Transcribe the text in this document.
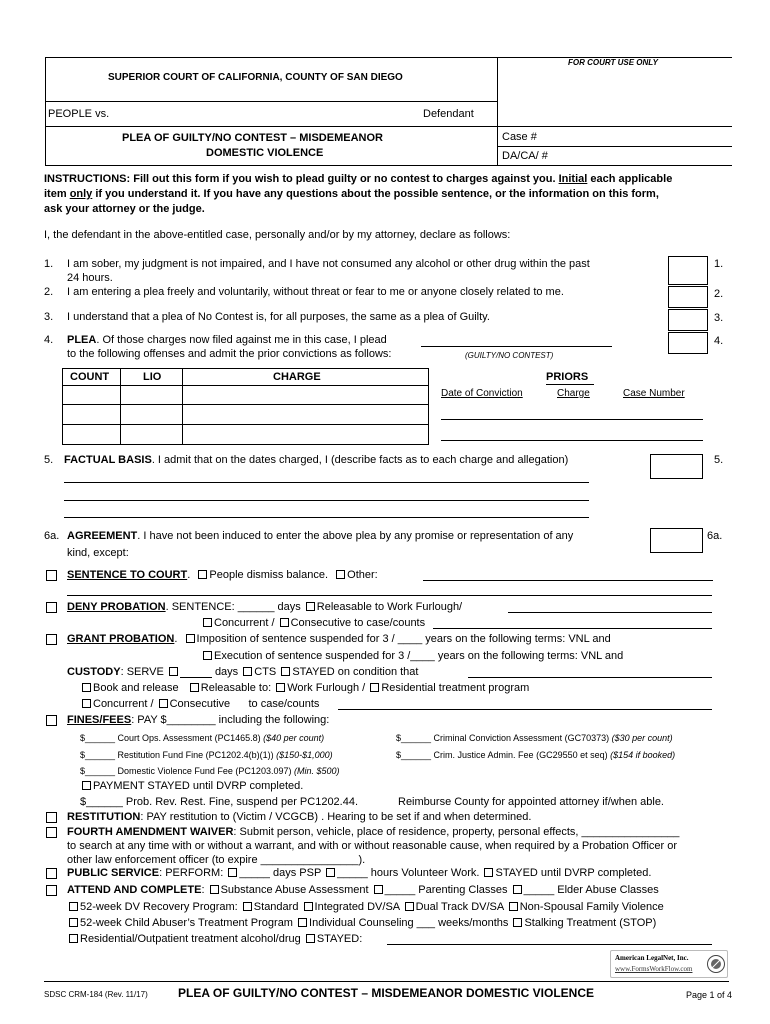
FOR COURT USE ONLY
SUPERIOR COURT OF CALIFORNIA, COUNTY OF SAN DIEGO
PEOPLE vs.	Defendant
PLEA OF GUILTY/NO CONTEST – MISDEMEANOR
DOMESTIC VIOLENCE
Case #
DA/CA/ #
INSTRUCTIONS: Fill out this form if you wish to plead guilty or no contest to charges against you. Initial each applicable
item only if you understand it. If you have any questions about the possible sentence, or the information on this form,
ask your attorney or the judge.
I, the defendant in the above-entitled case, personally and/or by my attorney, declare as follows:
1. I am sober, my judgment is not impaired, and I have not consumed any alcohol or other drug within the past
24 hours.
1.
2. I am entering a plea freely and voluntarily, without threat or fear to me or anyone closely related to me.	2.
3. I understand that a plea of No Contest is, for all purposes, the same as a plea of Guilty.	3.
4. PLEA. Of those charges now filed against me in this case, I plead
to the following offenses and admit the prior convictions as follows:	(GUILTY/NO CONTEST)
4.
COUNT	LIO	CHARGE	PRIORS
Date of Conviction	Charge	Case Number
5. FACTUAL BASIS. I admit that on the dates charged, I (describe facts as to each charge and allegation)	5.
6a. AGREEMENT. I have not been induced to enter the above plea by any promise or representation of any
kind, except:
6a.
SENTENCE TO COURT. People dismiss balance. Other:
DENY PROBATION. SENTENCE: ______ days Releasable to Work Furlough/
Concurrent / Consecutive to case/counts
GRANT PROBATION. Imposition of sentence suspended for 3 / ____ years on the following terms: VNL and
Execution of sentence suspended for 3 /____ years on the following terms: VNL and
CUSTODY: SERVE	days CTS STAYED on condition that
Book and release Releasable to: Work Furlough / Residential treatment program
Concurrent / Consecutive to case/counts
FINES/FEES: PAY $________ including the following:
$______ Court Ops. Assessment (PC1465.8) ($40 per count)
$______ Restitution Fund Fine (PC1202.4(b)(1)) ($150-$1,000)
$______ Domestic Violence Fund Fee (PC1203.097) (Min. $500)
$______ Criminal Conviction Assessment (GC70373) ($30 per count)
$______ Crim. Justice Admin. Fee (GC29550 et seq) ($154 if booked)
PAYMENT STAYED until DVRP completed.
$______ Prob. Rev. Rest. Fine, suspend per PC1202.44.	Reimburse County for appointed attorney if/when able.
RESTITUTION: PAY restitution to (Victim / VCGCB) . Hearing to be set if and when determined.
FOURTH AMENDMENT WAIVER: Submit person, vehicle, place of residence, property, personal effects, ________________
to search at any time with or without a warrant, and with or without reasonable cause, when required by a Probation Officer or
other law enforcement officer (to expire ________________).
PUBLIC SERVICE: PERFORM: _____ days PSP _____ hours Volunteer Work. STAYED until DVRP completed.
ATTEND AND COMPLETE: Substance Abuse Assessment _____ Parenting Classes _____ Elder Abuse Classes
52-week DV Recovery Program: Standard Integrated DV/SA Dual Track DV/SA Non-Spousal Family Violence
52-week Child Abuser’s Treatment Program Individual Counseling ___ weeks/months Stalking Treatment (STOP)
Residential/Outpatient treatment alcohol/drug STAYED:
American LegalNet, Inc.
www.FormsWorkFlow.com
SDSC CRM-184 (Rev. 11/17)	PLEA OF GUILTY/NO CONTEST – MISDEMEANOR DOMESTIC VIOLENCE	Page 1 of 4
